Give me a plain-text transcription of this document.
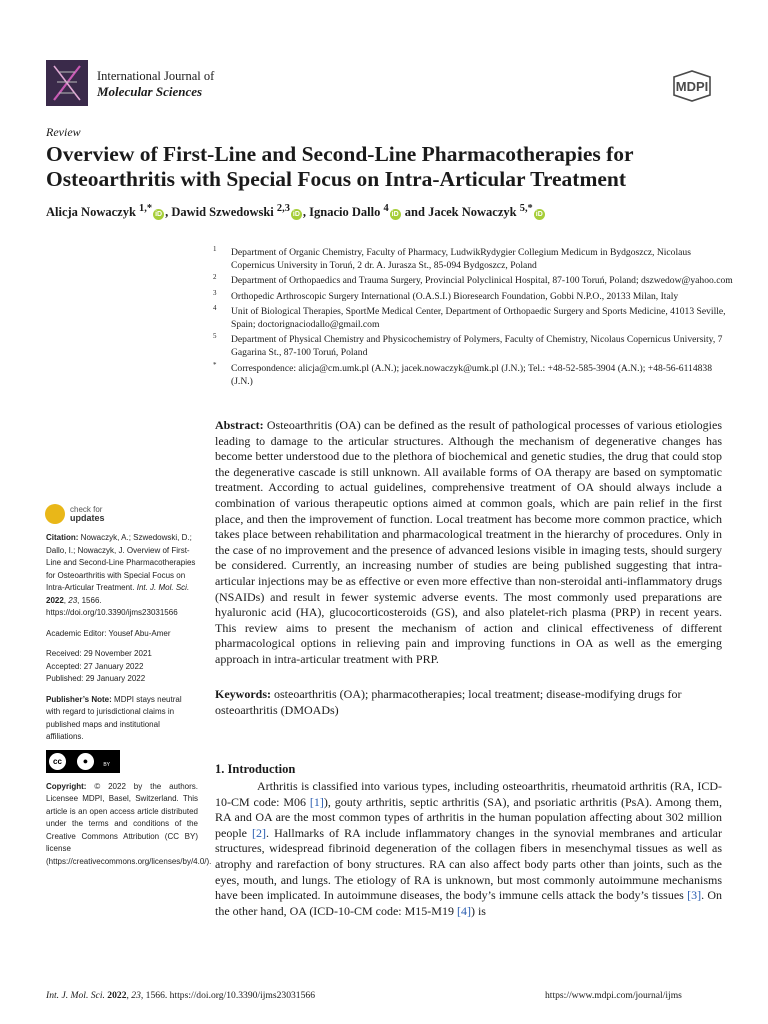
International Journal of
Molecular Sciences	MDPI
Review
Overview of First-Line and Second-Line Pharmacotherapies for Osteoarthritis with Special Focus on Intra-Articular Treatment
Alicja Nowaczyk $^{1,*}$iD , Dawid Szwedowski $^{2,3}$iD , Ignacio Dallo $^4$iD and Jacek Nowaczyk $^{5,*}$iD
1 Department of Organic Chemistry, Faculty of Pharmacy, LudwikRydygier Collegium Medicum in Bydgoszcz, Nicolaus Copernicus University in Toruń, 2 dr. A. Jurasza St., 85-094 Bydgoszcz, Poland
2 Department of Orthopaedics and Trauma Surgery, Provincial Polyclinical Hospital, 87-100 Toruń, Poland; dszwedow@yahoo.com
3 Orthopedic Arthroscopic Surgery International (O.A.S.I.) Bioresearch Foundation, Gobbi N.P.O., 20133 Milan, Italy
4 Unit of Biological Therapies, SportMe Medical Center, Department of Orthopaedic Surgery and Sports Medicine, 41013 Seville, Spain; doctorignaciodallo@gmail.com
5 Department of Physical Chemistry and Physicochemistry of Polymers, Faculty of Chemistry, Nicolaus Copernicus University, 7 Gagarina St., 87-100 Toruń, Poland
* Correspondence: alicja@cm.umk.pl (A.N.); jacek.nowaczyk@umk.pl (J.N.); Tel.: +48-52-585-3904 (A.N.); +48-56-6114838 (J.N.)
check for
updates

Citation: Nowaczyk, A.; Szwedowski, D.; Dallo, I.; Nowaczyk, J. Overview of First-Line and Second-Line Pharmacotherapies for Osteoarthritis with Special Focus on Intra-Articular Treatment. Int. J. Mol. Sci. 2022, 23, 1566. https://doi.org/10.3390/ijms23031566

Academic Editor: Yousef Abu-Amer

Received: 29 November 2021

Accepted: 27 January 2022

Published: 29 January 2022

Publisher’s Note: MDPI stays neutral with regard to jurisdictional claims in published maps and institutional affiliations.

cc	●	BY

Copyright: © 2022 by the authors. Licensee MDPI, Basel, Switzerland. This article is an open access article distributed under the terms and conditions of the Creative Commons Attribution (CC BY) license (https://creativecommons.org/licenses/by/4.0/).

Abstract: Osteoarthritis (OA) can be defined as the result of pathological processes of various etiologies leading to damage to the articular structures. Although the mechanism of degenerative changes has become better understood due to the plethora of biochemical and genetic studies, the drug that could stop the degenerative cascade is still unknown. All available forms of OA therapy are based on symptomatic treatment. According to actual guidelines, comprehensive treatment of OA should always include a combination of various therapeutic options aimed at common goals, which are pain relief in the first place, and then the improvement of function. Local treatment has become more common practice, which takes place between rehabilitation and pharmacological treatment in the hierarchy of procedures. Only in the case of no improvement and the presence of advanced lesions visible in imaging tests, should surgery be considered. Currently, an increasing number of studies are being published suggesting that intra-articular injections may be as effective or even more effective than non-steroidal anti-inflammatory drugs (NSAIDs) and result in fewer systemic adverse events. The most commonly used preparations are hyaluronic acid (HA), glucocorticosteroids (GS), and also platelet-rich plasma (PRP) in recent years. This review aims to present the mechanism of action and clinical effectiveness of different pharmacological options in relieving pain and improving functions in OA as well as the emerging approach in intra-articular treatment with PRP.

Keywords: osteoarthritis (OA); pharmacotherapies; local treatment; disease-modifying drugs for osteoarthritis (DMOADs)

1. Introduction

Arthritis is classified into various types, including osteoarthritis, rheumatoid arthritis (RA, ICD-10-CM code: M06 [1]), gouty arthritis, septic arthritis (SA), and psoriatic arthritis (PsA). Among them, RA and OA are the most common types of arthritis in the human population affecting about 302 million people [2]. Hallmarks of RA include inflammatory changes in the synovial membranes and articular structures, widespread fibrinoid degeneration of the collagen fibers in mesenchymal tissues as well as atrophy and rarefaction of bony structures. RA can also affect body parts other than joints, such as the eyes, mouth, and lungs. The etiology of RA is unknown, but most commonly autoimmune mechanisms have been implicated. In autoimmune diseases, the body’s immune cells attack the body’s tissues [3]. On the other hand, OA (ICD-10-CM code: M15-M19 [4]) is

Int. J. Mol. Sci. 2022, 23, 1566. https://doi.org/10.3390/ijms23031566	https://www.mdpi.com/journal/ijms
